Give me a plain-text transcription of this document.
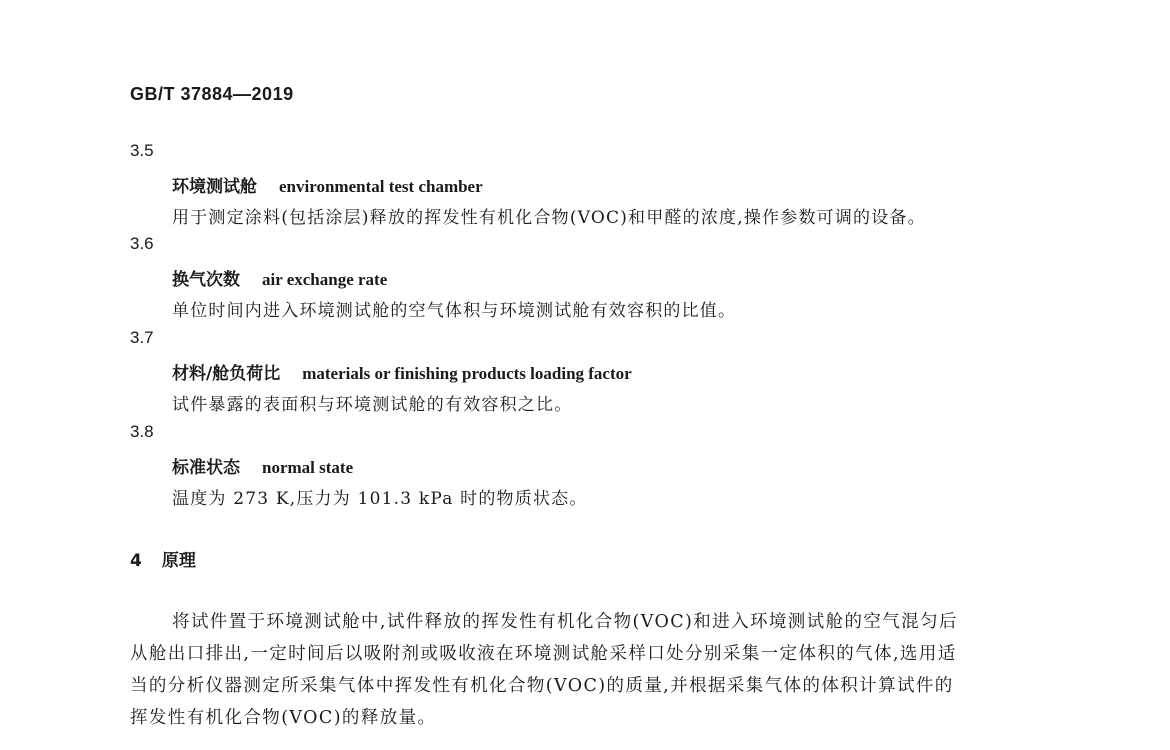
GB/T 37884—2019
3.5
环境测试舱 environmental test chamber
用于测定涂料(包括涂层)释放的挥发性有机化合物(VOC)和甲醛的浓度,操作参数可调的设备。
3.6
换气次数 air exchange rate
单位时间内进入环境测试舱的空气体积与环境测试舱有效容积的比值。
3.7
材料/舱负荷比 materials or finishing products loading factor
试件暴露的表面积与环境测试舱的有效容积之比。
3.8
标准状态 normal state
温度为 273 K,压力为 101.3 kPa 时的物质状态。
4 原理
将试件置于环境测试舱中,试件释放的挥发性有机化合物(VOC)和进入环境测试舱的空气混匀后
从舱出口排出,一定时间后以吸附剂或吸收液在环境测试舱采样口处分别采集一定体积的气体,选用适
当的分析仪器测定所采集气体中挥发性有机化合物(VOC)的质量,并根据采集气体的体积计算试件的
挥发性有机化合物(VOC)的释放量。
